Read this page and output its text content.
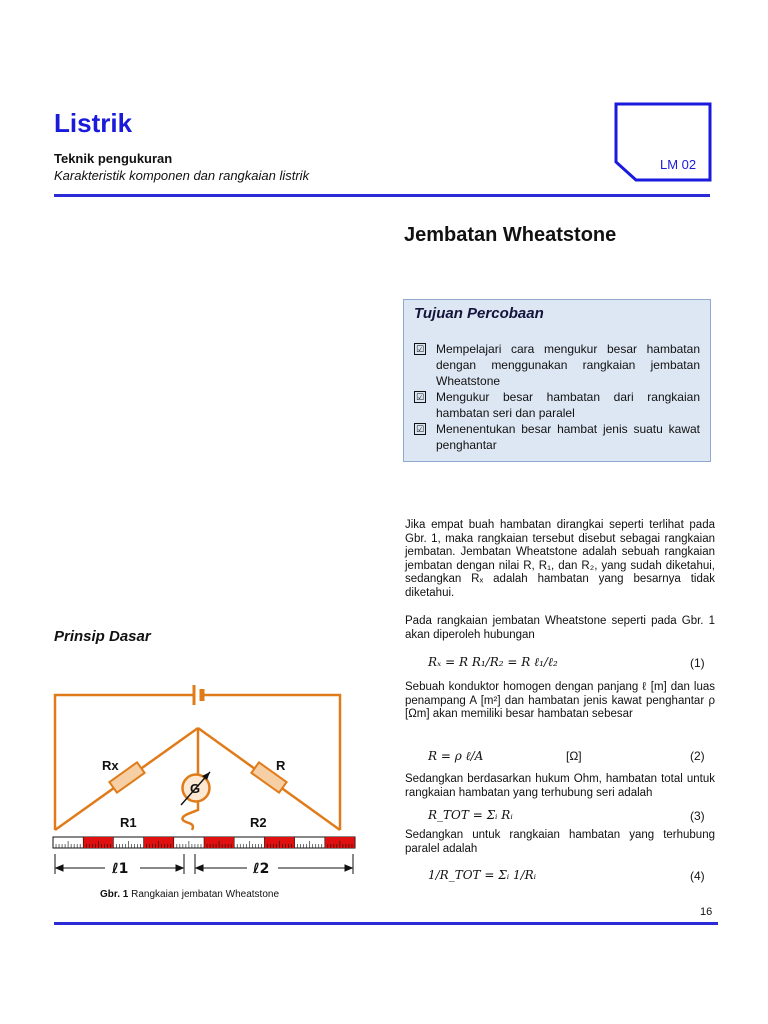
Listrik
Teknik pengukuran
Karakteristik komponen dan rangkaian listrik
LM 02
Jembatan Wheatstone
Tujuan Percobaan
☑ Mempelajari cara mengukur besar hambatan dengan menggunakan rangkaian jembatan Wheatstone
☑ Mengukur besar hambatan dari rangkaian hambatan seri dan paralel
☑ Menenentukan besar hambat jenis suatu kawat penghantar
Jika empat buah hambatan dirangkai seperti terlihat pada Gbr. 1, maka rangkaian tersebut disebut sebagai rangkaian jembatan. Jembatan Wheatstone adalah sebuah rangkaian jembatan dengan nilai R, R₁, dan R₂, yang sudah diketahui, sedangkan Rₓ adalah hambatan yang besarnya tidak diketahui.
Pada rangkaian jembatan Wheatstone seperti pada Gbr. 1 akan diperoleh hubungan
Rₓ = R R₁/R₂ = R ℓ₁/ℓ₂	(1)
Sebuah konduktor homogen dengan panjang ℓ [m] dan luas penampang A [m²] dan hambatan jenis kawat penghantar ρ [Ωm] akan memiliki besar hambatan sebesar
R = ρ ℓ/A	[Ω]	(2)
Sedangkan berdasarkan hukum Ohm, hambatan total untuk rangkaian hambatan yang terhubung seri adalah
R_TOT = Σᵢ Rᵢ	(3)
Sedangkan untuk rangkaian hambatan yang terhubung paralel adalah
1/R_TOT = Σᵢ 1/Rᵢ	(4)
Prinsip Dasar
Rx	R
G
R1	R2
ℓ1	ℓ2
Gbr. 1 Rangkaian jembatan Wheatstone
16
